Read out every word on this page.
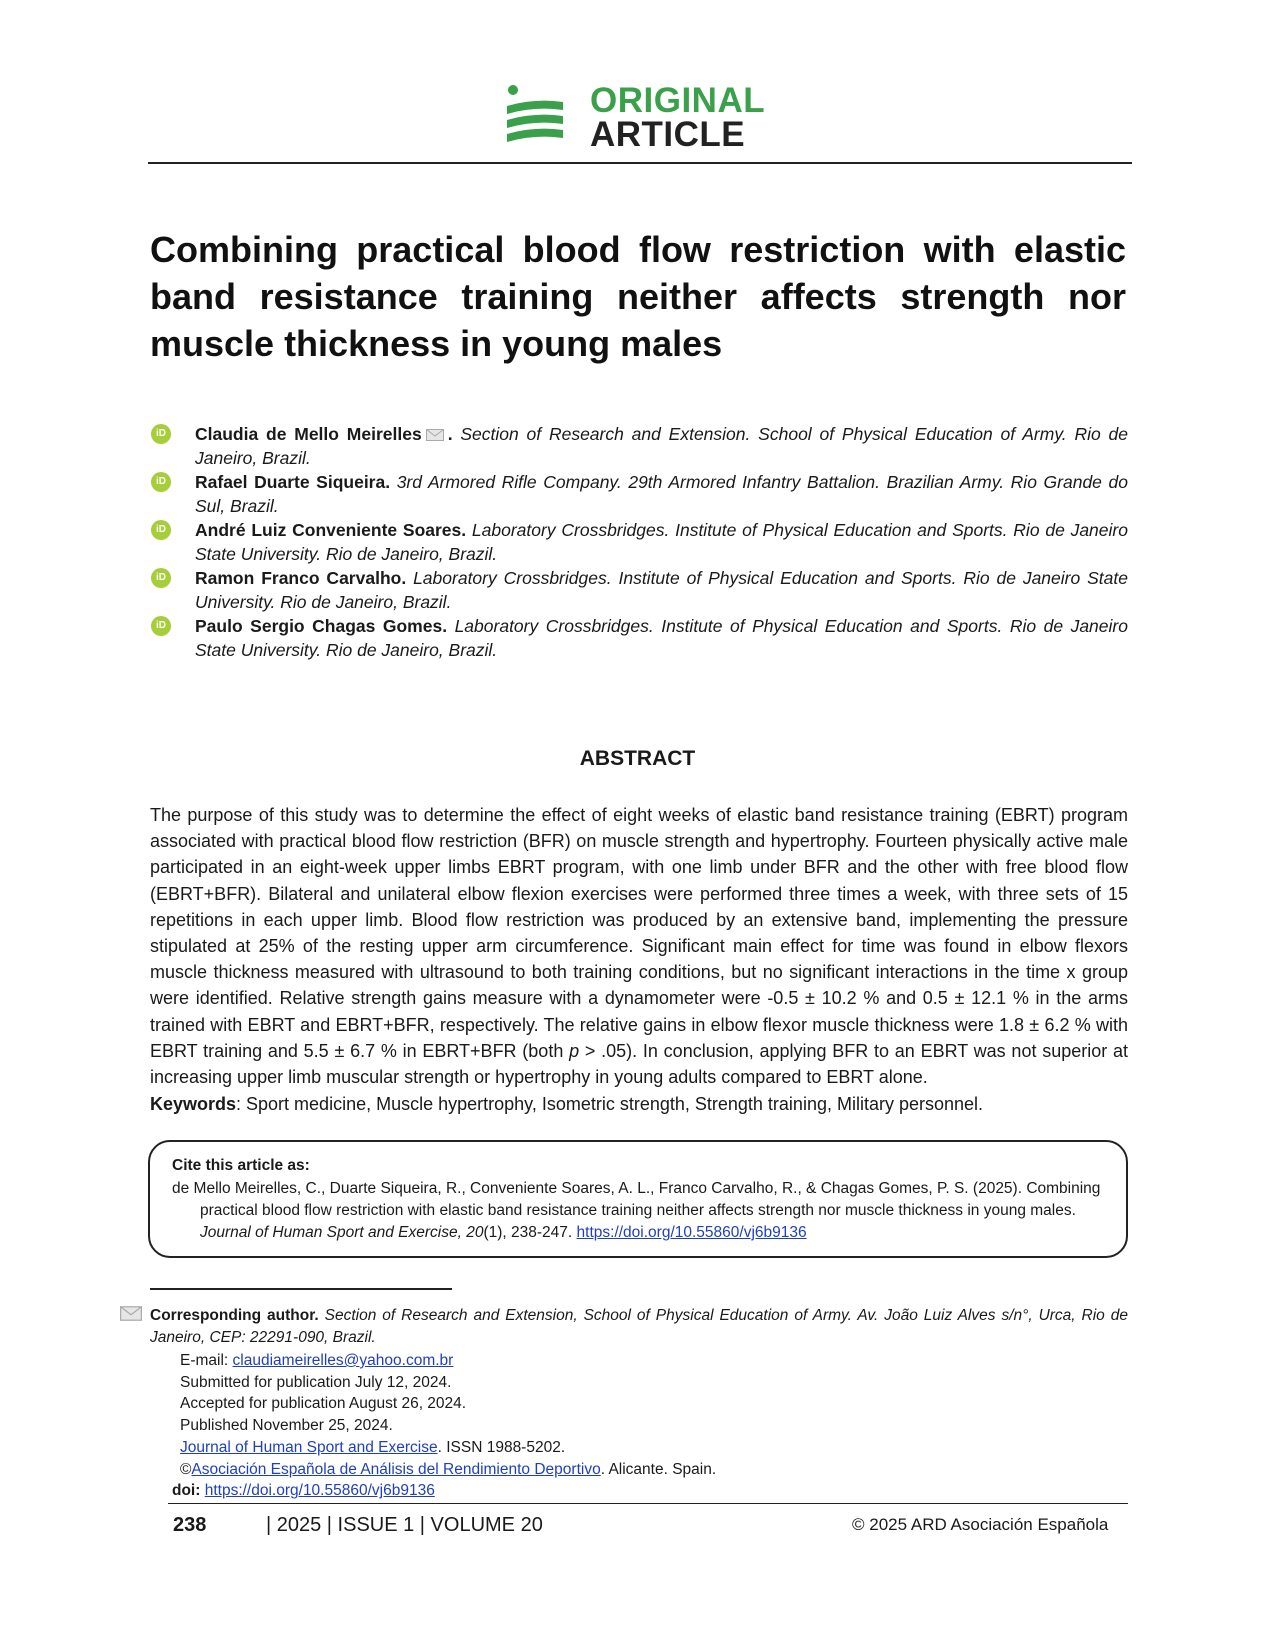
ORIGINAL
ARTICLE
Combining practical blood flow restriction with elastic band resistance training neither affects strength nor muscle thickness in young males
iD Claudia de Mello Meirelles . Section of Research and Extension. School of Physical Education of Army. Rio de Janeiro, Brazil.
iD Rafael Duarte Siqueira. 3rd Armored Rifle Company. 29th Armored Infantry Battalion. Brazilian Army. Rio Grande do Sul, Brazil.
iD André Luiz Conveniente Soares. Laboratory Crossbridges. Institute of Physical Education and Sports. Rio de Janeiro State University. Rio de Janeiro, Brazil.
iD Ramon Franco Carvalho. Laboratory Crossbridges. Institute of Physical Education and Sports. Rio de Janeiro State University. Rio de Janeiro, Brazil.
iD Paulo Sergio Chagas Gomes. Laboratory Crossbridges. Institute of Physical Education and Sports. Rio de Janeiro State University. Rio de Janeiro, Brazil.
ABSTRACT
The purpose of this study was to determine the effect of eight weeks of elastic band resistance training (EBRT) program associated with practical blood flow restriction (BFR) on muscle strength and hypertrophy. Fourteen physically active male participated in an eight-week upper limbs EBRT program, with one limb under BFR and the other with free blood flow (EBRT+BFR). Bilateral and unilateral elbow flexion exercises were performed three times a week, with three sets of 15 repetitions in each upper limb. Blood flow restriction was produced by an extensive band, implementing the pressure stipulated at 25% of the resting upper arm circumference. Significant main effect for time was found in elbow flexors muscle thickness measured with ultrasound to both training conditions, but no significant interactions in the time x group were identified. Relative strength gains measure with a dynamometer were -0.5 ± 10.2 % and 0.5 ± 12.1 % in the arms trained with EBRT and EBRT+BFR, respectively. The relative gains in elbow flexor muscle thickness were 1.8 ± 6.2 % with EBRT training and 5.5 ± 6.7 % in EBRT+BFR (both p > .05). In conclusion, applying BFR to an EBRT was not superior at increasing upper limb muscular strength or hypertrophy in young adults compared to EBRT alone.
Keywords: Sport medicine, Muscle hypertrophy, Isometric strength, Strength training, Military personnel.
Cite this article as:
de Mello Meirelles, C., Duarte Siqueira, R., Conveniente Soares, A. L., Franco Carvalho, R., & Chagas Gomes, P. S. (2025). Combining
practical blood flow restriction with elastic band resistance training neither affects strength nor muscle thickness in young males.
Journal of Human Sport and Exercise, 20(1), 238-247. https://doi.org/10.55860/vj6b9136
Corresponding author. Section of Research and Extension, School of Physical Education of Army. Av. João Luiz Alves s/n°, Urca, Rio de Janeiro, CEP: 22291-090, Brazil.
E-mail: claudiameirelles@yahoo.com.br
Submitted for publication July 12, 2024.
Accepted for publication August 26, 2024.
Published November 25, 2024.
Journal of Human Sport and Exercise. ISSN 1988-5202.
©Asociación Española de Análisis del Rendimiento Deportivo. Alicante. Spain.
doi: https://doi.org/10.55860/vj6b9136
238	| 2025 | ISSUE 1 | VOLUME 20	© 2025 ARD Asociación Española
